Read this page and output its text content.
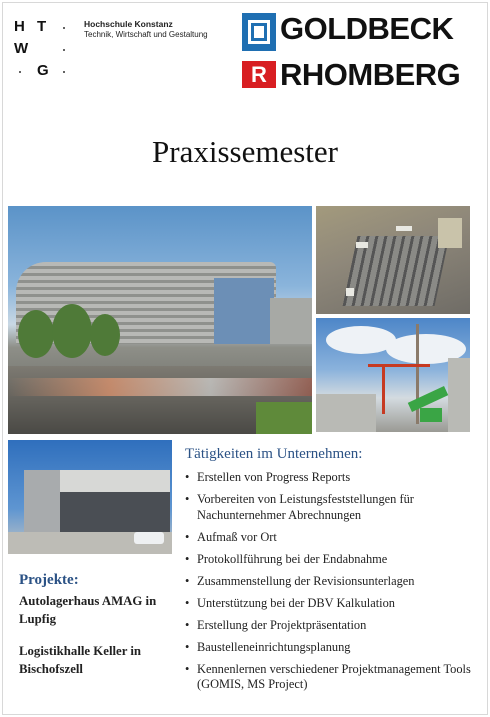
H T
W
G
Hochschule Konstanz
Technik, Wirtschaft und Gestaltung GOLDBECK
R RHOMBERG
Praxissemester
Tätigkeiten im Unternehmen:
• Erstellen von Progress Reports
• Vorbereiten von Leistungsfeststellungen für Nachunternehmer Abrechnungen
• Aufmaß vor Ort
• Protokollführung bei der Endabnahme
• Zusammenstellung der Revisionsunterlagen
• Unterstützung bei der DBV Kalkulation
• Erstellung der Projektpräsentation
• Baustelleneinrichtungsplanung
• Kennenlernen verschiedener Projektmanagement Tools (GOMIS, MS Project)
Projekte:
Autolagerhaus AMAG in Lupfig
Logistikhalle Keller in Bischofszell
